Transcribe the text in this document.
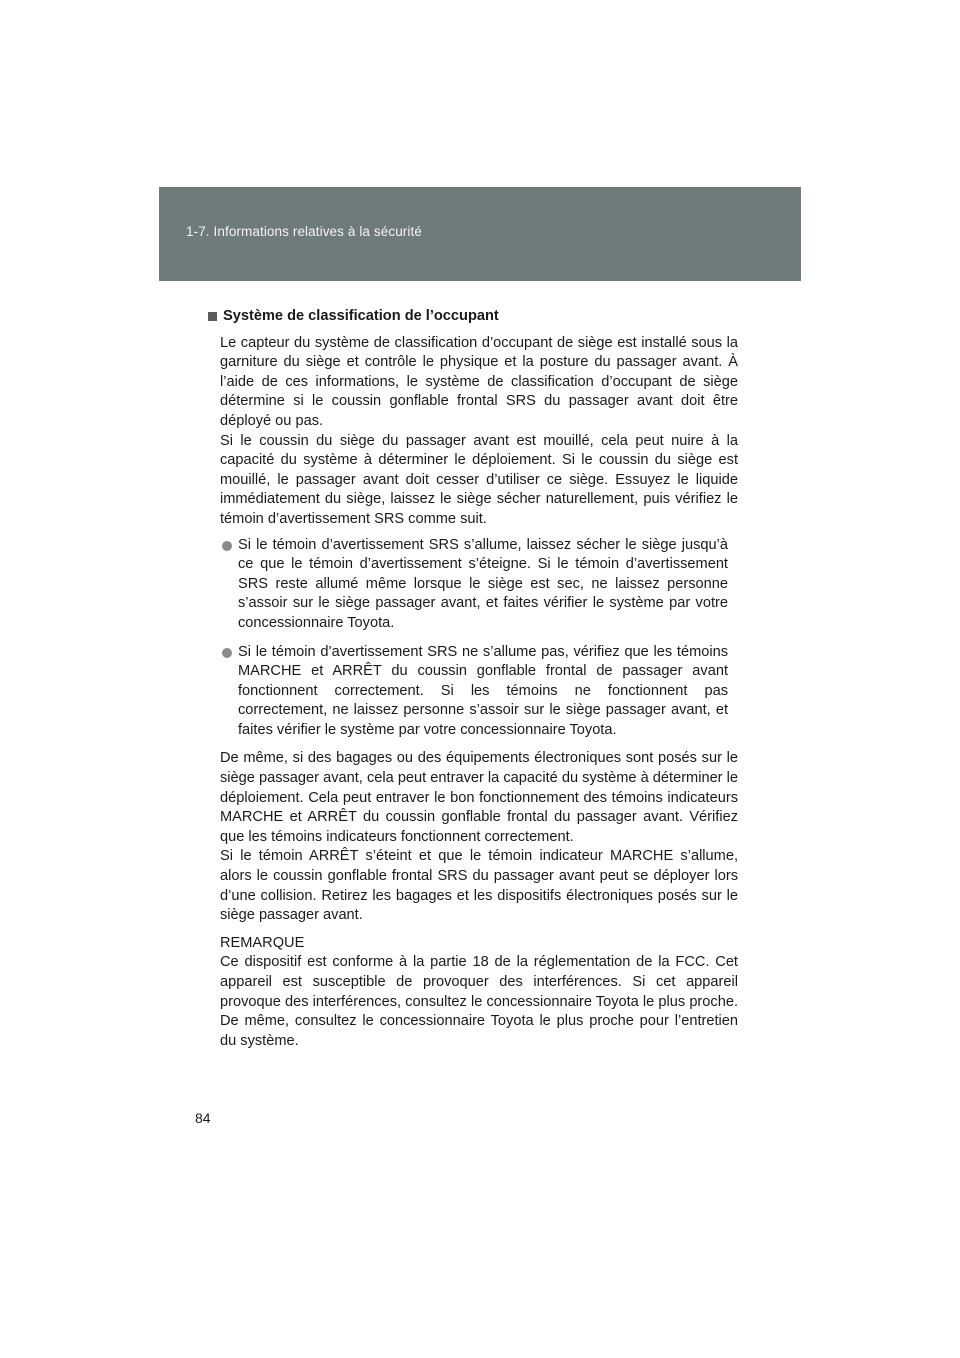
1-7. Informations relatives à la sécurité
Système de classification de l’occupant

Le capteur du système de classification d’occupant de siège est installé sous la garniture du siège et contrôle le physique et la posture du passager avant. À l’aide de ces informations, le système de classification d’occupant de siège détermine si le coussin gonflable frontal SRS du passager avant doit être déployé ou pas.

Si le coussin du siège du passager avant est mouillé, cela peut nuire à la capacité du système à déterminer le déploiement. Si le coussin du siège est mouillé, le passager avant doit cesser d’utiliser ce siège. Essuyez le liquide immédiatement du siège, laissez le siège sécher naturellement, puis vérifiez le témoin d’avertissement SRS comme suit.

Si le témoin d’avertissement SRS s’allume, laissez sécher le siège jusqu’à ce que le témoin d’avertissement s’éteigne. Si le témoin d’avertissement SRS reste allumé même lorsque le siège est sec, ne laissez personne s’assoir sur le siège passager avant, et faites vérifier le système par votre concessionnaire Toyota.
Si le témoin d’avertissement SRS ne s’allume pas, vérifiez que les témoins MARCHE et ARRÊT du coussin gonflable frontal de passager avant fonctionnent correctement. Si les témoins ne fonctionnent pas correctement, ne laissez personne s’assoir sur le siège passager avant, et faites vérifier le système par votre concessionnaire Toyota.

De même, si des bagages ou des équipements électroniques sont posés sur le siège passager avant, cela peut entraver la capacité du système à déterminer le déploiement. Cela peut entraver le bon fonctionnement des témoins indicateurs MARCHE et ARRÊT du coussin gonflable frontal du passager avant. Vérifiez que les témoins indicateurs fonctionnent correctement.

Si le témoin ARRÊT s’éteint et que le témoin indicateur MARCHE s’allume, alors le coussin gonflable frontal SRS du passager avant peut se déployer lors d’une collision. Retirez les bagages et les dispositifs électroniques posés sur le siège passager avant.

REMARQUE

Ce dispositif est conforme à la partie 18 de la réglementation de la FCC. Cet appareil est susceptible de provoquer des interférences. Si cet appareil provoque des interférences, consultez le concessionnaire Toyota le plus proche. De même, consultez le concessionnaire Toyota le plus proche pour l’entretien du système.

84
